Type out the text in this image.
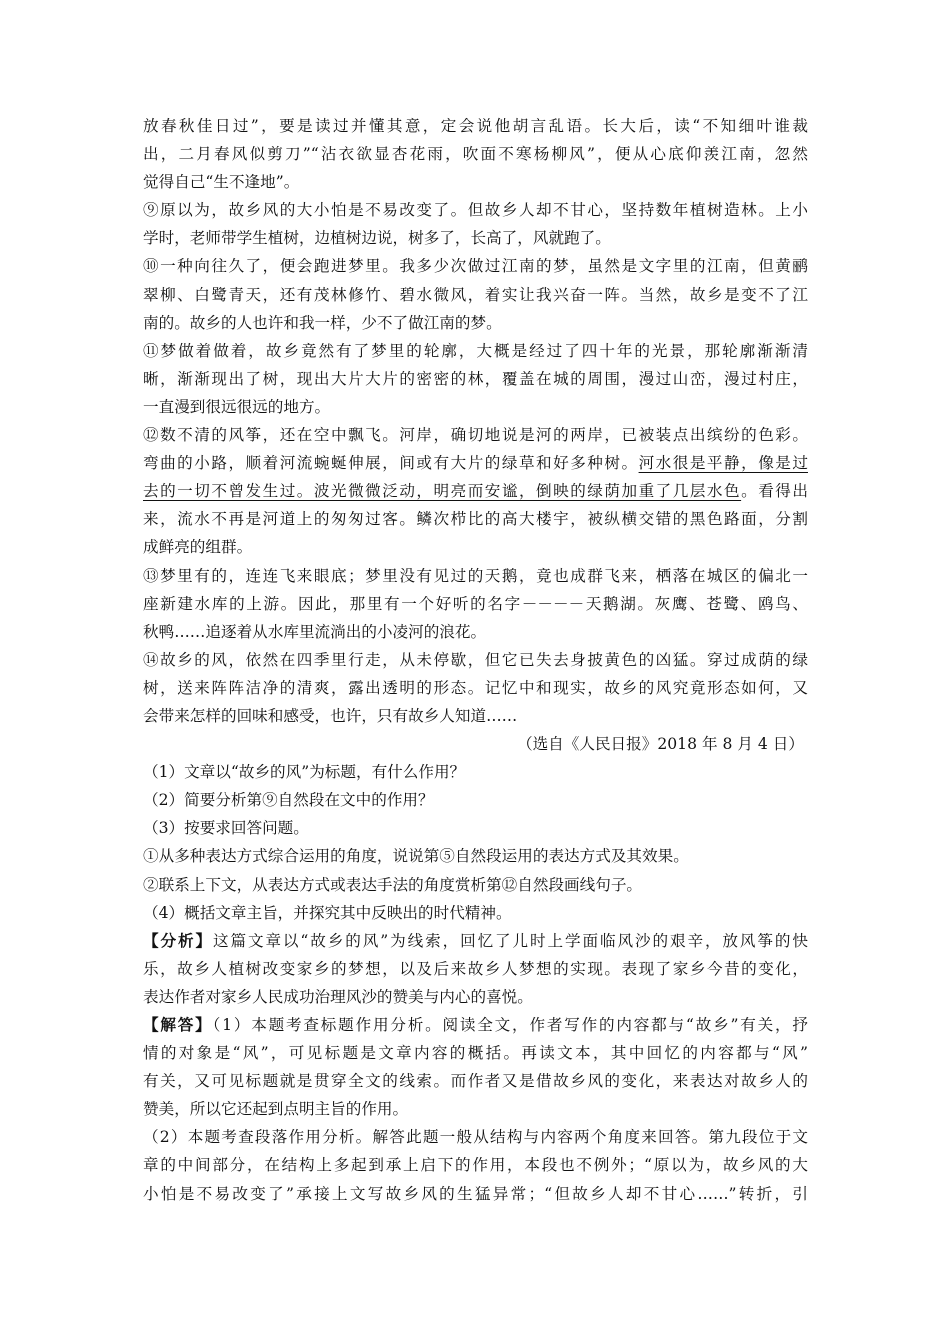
放春秋佳日过”，要是读过并懂其意，定会说他胡言乱语。长大后，读“不知细叶谁裁
出，二月春风似剪刀”“沾衣欲显杏花雨，吹面不寒杨柳风”，便从心底仰羡江南，忽然
觉得自己“生不逢地”。
⑨原以为，故乡风的大小怕是不易改变了。但故乡人却不甘心，坚持数年植树造林。上小
学时，老师带学生植树，边植树边说，树多了，长高了，风就跑了。
⑩一种向往久了，便会跑进梦里。我多少次做过江南的梦，虽然是文字里的江南，但黄鹂
翠柳、白鹭青天，还有茂林修竹、碧水微风，着实让我兴奋一阵。当然，故乡是变不了江
南的。故乡的人也许和我一样，少不了做江南的梦。
⑪梦做着做着，故乡竟然有了梦里的轮廓，大概是经过了四十年的光景，那轮廓渐渐清
晰，渐渐现出了树，现出大片大片的密密的林，覆盖在城的周围，漫过山峦，漫过村庄，
一直漫到很远很远的地方。
⑫数不清的风筝，还在空中飘飞。河岸，确切地说是河的两岸，已被装点出缤纷的色彩。
弯曲的小路，顺着河流蜿蜒伸展，间或有大片的绿草和好多种树。河水很是平静，像是过
去的一切不曾发生过。波光微微泛动，明亮而安谧，倒映的绿荫加重了几层水色。看得出
来，流水不再是河道上的匆匆过客。鳞次栉比的高大楼宇，被纵横交错的黑色路面，分割
成鲜亮的组群。
⑬梦里有的，连连飞来眼底；梦里没有见过的天鹅，竟也成群飞来，栖落在城区的偏北一
座新建水库的上游。因此，那里有一个好听的名字－－－－天鹅湖。灰鹰、苍鹭、鸥鸟、
秋鸭……追逐着从水库里流淌出的小凌河的浪花。
⑭故乡的风，依然在四季里行走，从未停歇，但它已失去身披黄色的凶猛。穿过成荫的绿
树，送来阵阵洁净的清爽，露出透明的形态。记忆中和现实，故乡的风究竟形态如何，又
会带来怎样的回味和感受，也许，只有故乡人知道……
（选自《人民日报》2018 年 8 月 4 日）
（1）文章以“故乡的风”为标题，有什么作用？
（2）简要分析第⑨自然段在文中的作用？
（3）按要求回答问题。
①从多种表达方式综合运用的角度，说说第⑤自然段运用的表达方式及其效果。
②联系上下文，从表达方式或表达手法的角度赏析第⑫自然段画线句子。
（4）概括文章主旨，并探究其中反映出的时代精神。
【分析】这篇文章以“故乡的风”为线索，回忆了儿时上学面临风沙的艰辛，放风筝的快
乐，故乡人植树改变家乡的梦想，以及后来故乡人梦想的实现。表现了家乡今昔的变化，
表达作者对家乡人民成功治理风沙的赞美与内心的喜悦。
【解答】（1）本题考查标题作用分析。阅读全文，作者写作的内容都与“故乡”有关，抒
情的对象是“风”，可见标题是文章内容的概括。再读文本，其中回忆的内容都与“风”
有关，又可见标题就是贯穿全文的线索。而作者又是借故乡风的变化，来表达对故乡人的
赞美，所以它还起到点明主旨的作用。
（2）本题考查段落作用分析。解答此题一般从结构与内容两个角度来回答。第九段位于文
章的中间部分，在结构上多起到承上启下的作用，本段也不例外；“原以为，故乡风的大
小怕是不易改变了”承接上文写故乡风的生猛异常；“但故乡人却不甘心……”转折，引
